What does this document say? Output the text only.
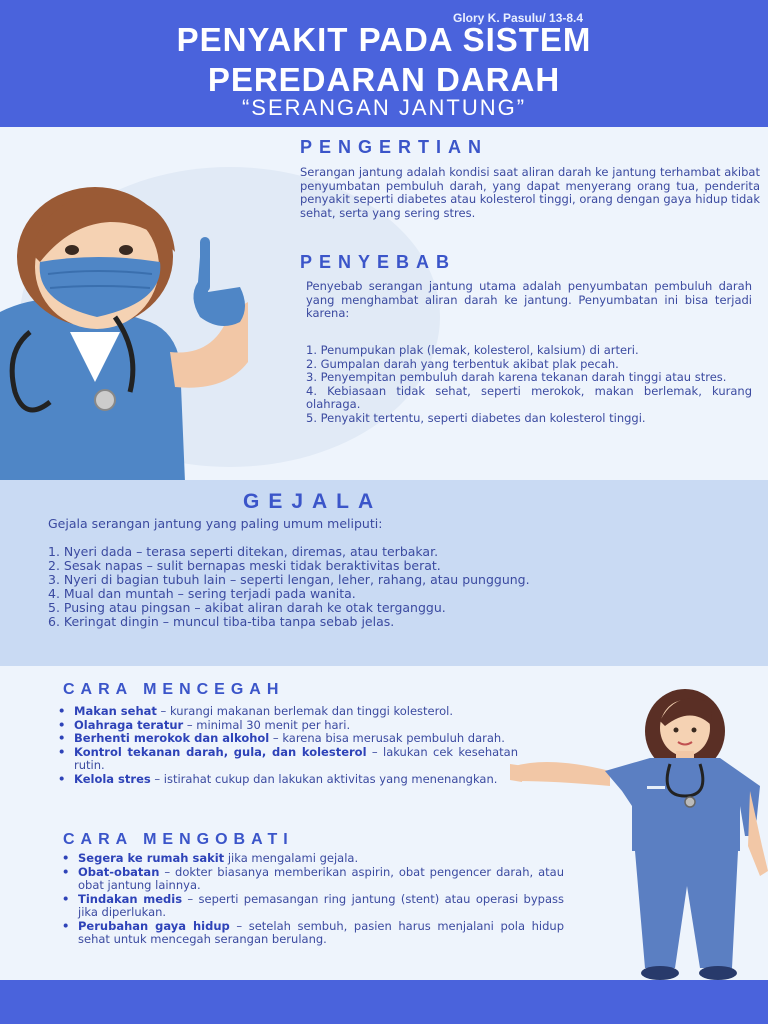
Glory K. Pasulu/ 13-8.4
PENYAKIT PADA SISTEM
PEREDARAN DARAH
“SERANGAN JANTUNG”
PENGERTIAN
Serangan jantung adalah kondisi saat aliran darah ke jantung terhambat akibat penyumbatan pembuluh darah, yang dapat menyerang orang tua, penderita penyakit seperti diabetes atau kolesterol tinggi, orang dengan gaya hidup tidak sehat, serta yang sering stres.
PENYEBAB
Penyebab serangan jantung utama adalah penyumbatan pembuluh darah yang menghambat aliran darah ke jantung. Penyumbatan ini bisa terjadi karena:
1. Penumpukan plak (lemak, kolesterol, kalsium) di arteri.
2. Gumpalan darah yang terbentuk akibat plak pecah.
3. Penyempitan pembuluh darah karena tekanan darah tinggi atau stres.
4. Kebiasaan tidak sehat, seperti merokok, makan berlemak, kurang olahraga.
5. Penyakit tertentu, seperti diabetes dan kolesterol tinggi.
GEJALA
Gejala serangan jantung yang paling umum meliputi:
1. Nyeri dada – terasa seperti ditekan, diremas, atau terbakar.
2. Sesak napas – sulit bernapas meski tidak beraktivitas berat.
3. Nyeri di bagian tubuh lain – seperti lengan, leher, rahang, atau punggung.
4. Mual dan muntah – sering terjadi pada wanita.
5. Pusing atau pingsan – akibat aliran darah ke otak terganggu.
6. Keringat dingin – muncul tiba-tiba tanpa sebab jelas.
CARA MENCEGAH
• Makan sehat – kurangi makanan berlemak dan tinggi kolesterol.
• Olahraga teratur – minimal 30 menit per hari.
• Berhenti merokok dan alkohol – karena bisa merusak pembuluh darah.
• Kontrol tekanan darah, gula, dan kolesterol – lakukan cek kesehatan rutin.
• Kelola stres – istirahat cukup dan lakukan aktivitas yang menenangkan.
CARA MENGOBATI
• Segera ke rumah sakit jika mengalami gejala.
• Obat-obatan – dokter biasanya memberikan aspirin, obat pengencer darah, atau obat jantung lainnya.
• Tindakan medis – seperti pemasangan ring jantung (stent) atau operasi bypass jika diperlukan.
• Perubahan gaya hidup – setelah sembuh, pasien harus menjalani pola hidup sehat untuk mencegah serangan berulang.
